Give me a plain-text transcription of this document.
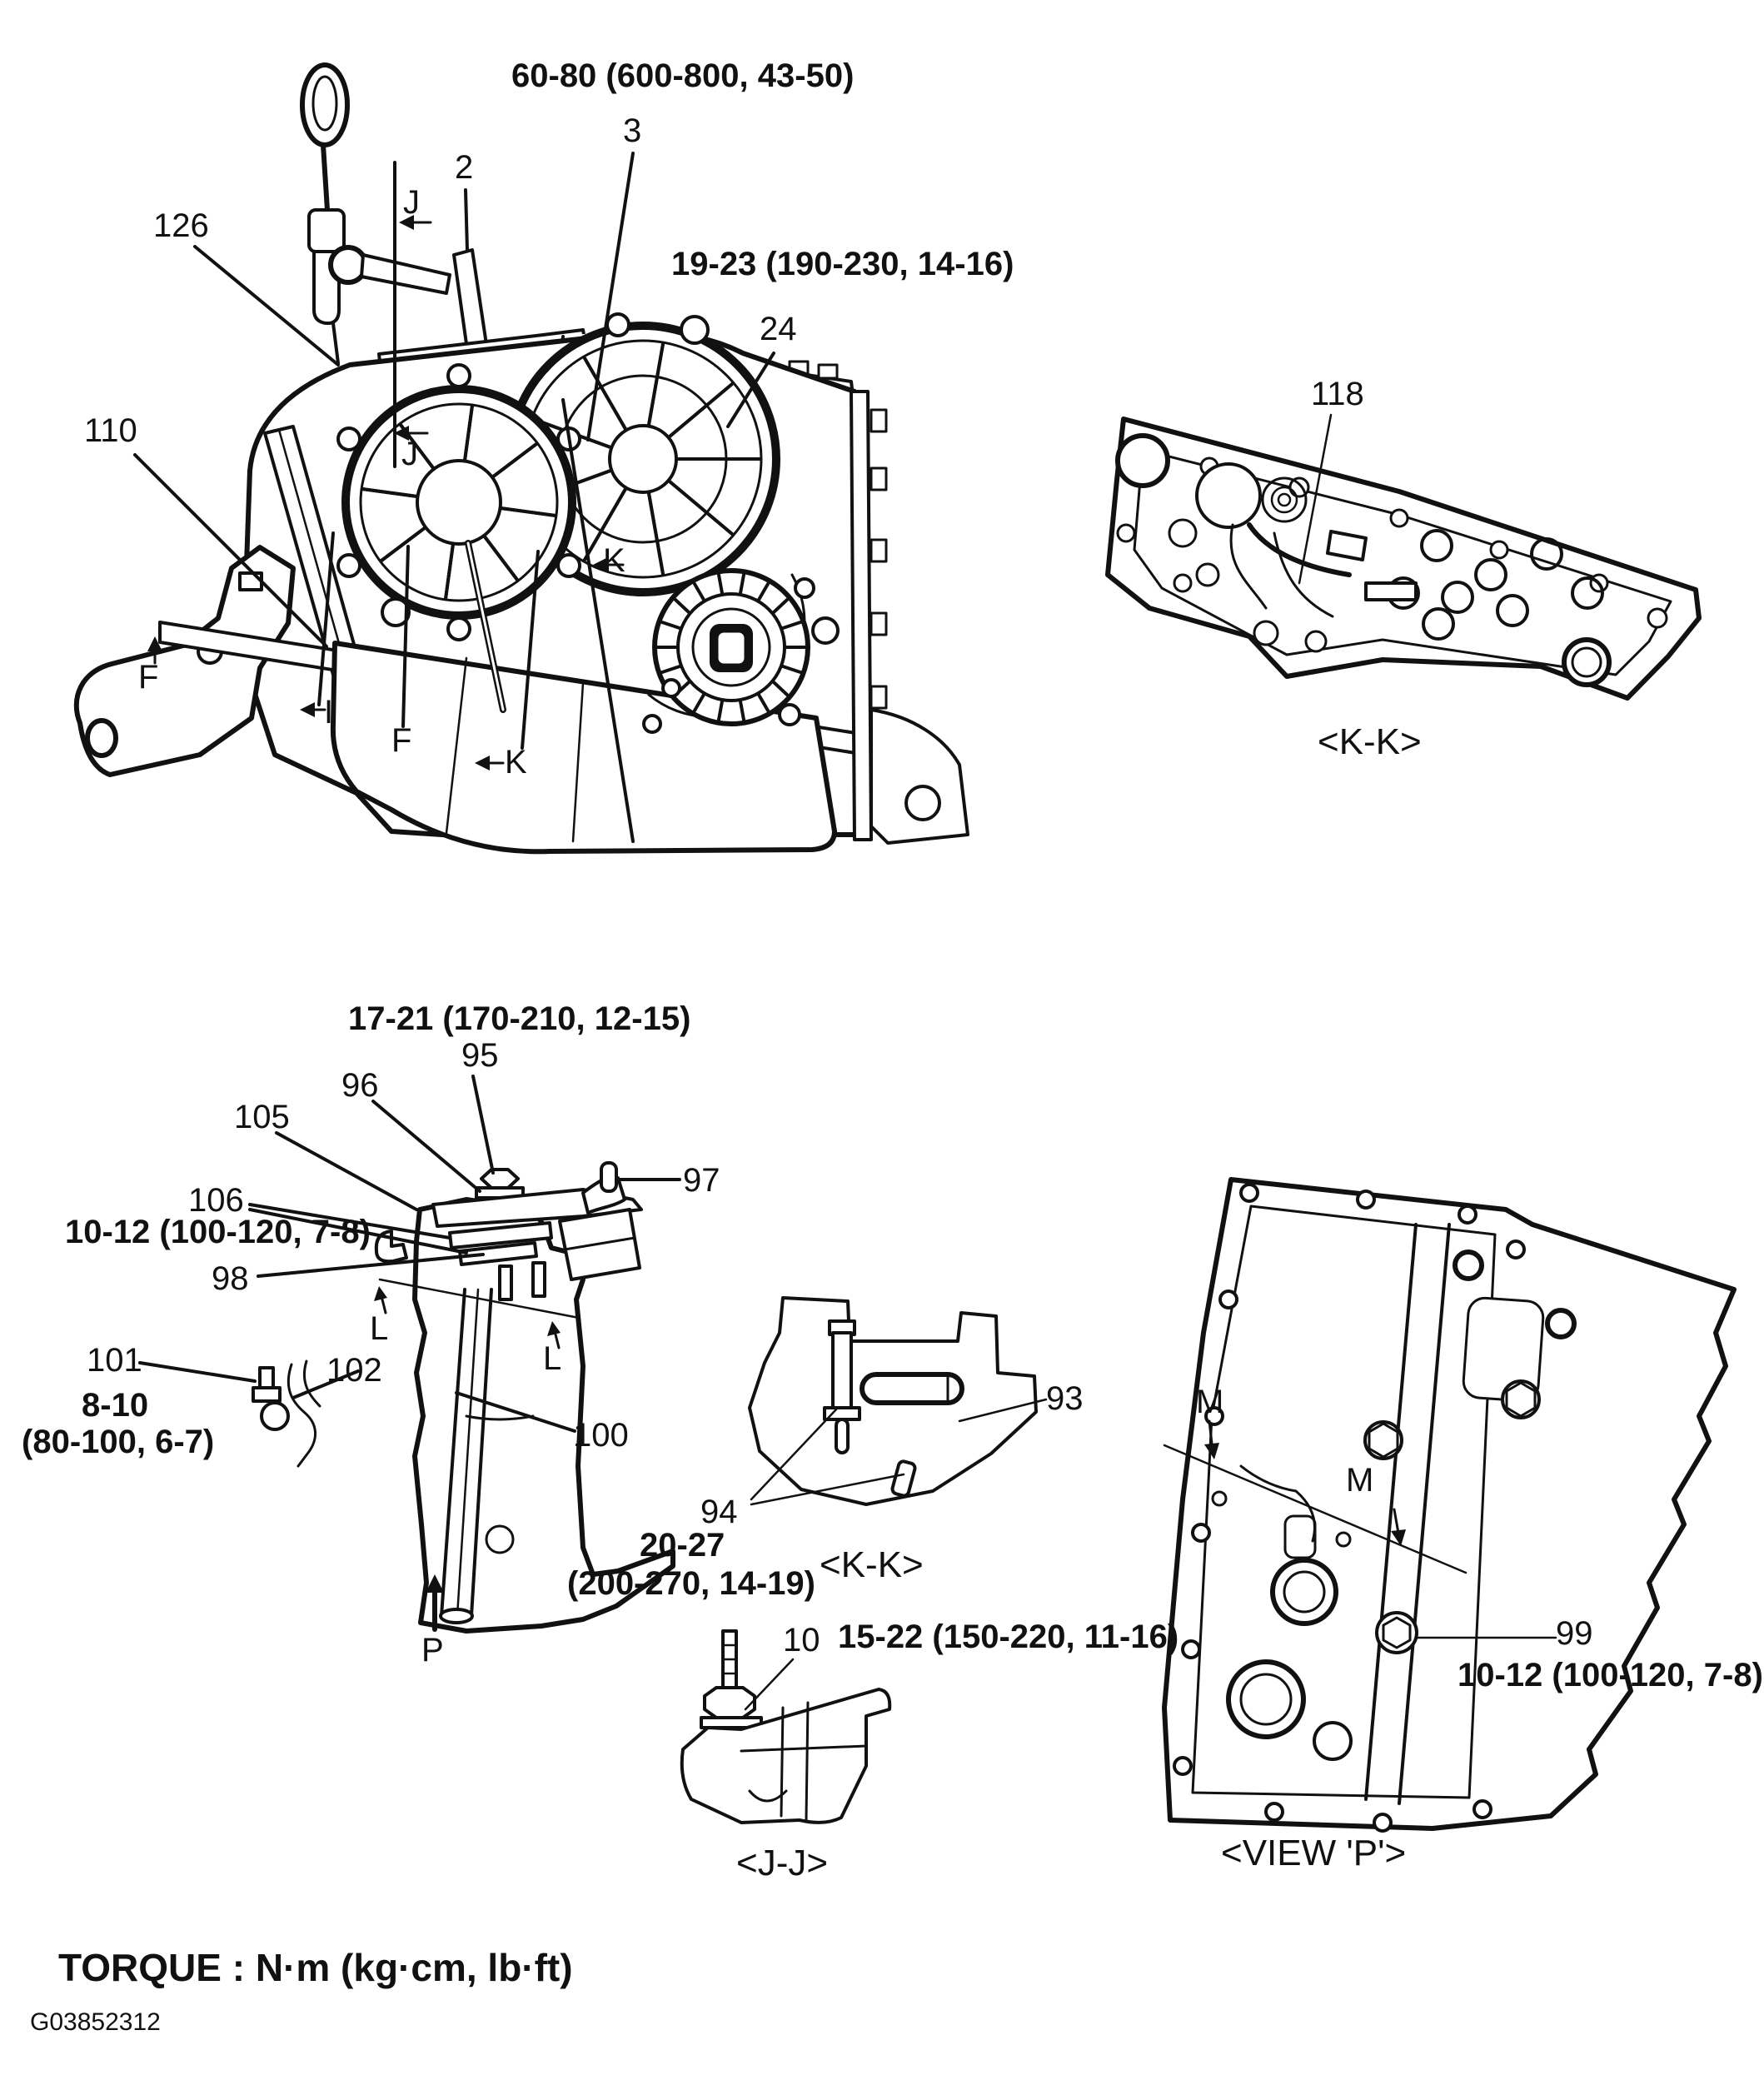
60-80 (600-800, 43-50)
3
2
126
19-23 (190-230, 14-16)
24
J
J
110
K
F
I
F
K
118
<K-K>
17-21 (170-210, 12-15)
95
96
105
106
10-12 (100-120, 7-8)
98
97
L
L
101	102
8-10
(80-100, 6-7)	100
P
93
94
20-27
(200-270, 14-19) <K-K>
10 15-22 (150-220, 11-16)
<J-J>
M
M
99
10-12 (100-120, 7-8)
<VIEW 'P'>
TORQUE : N·m (kg·cm, lb·ft)
G03852312
